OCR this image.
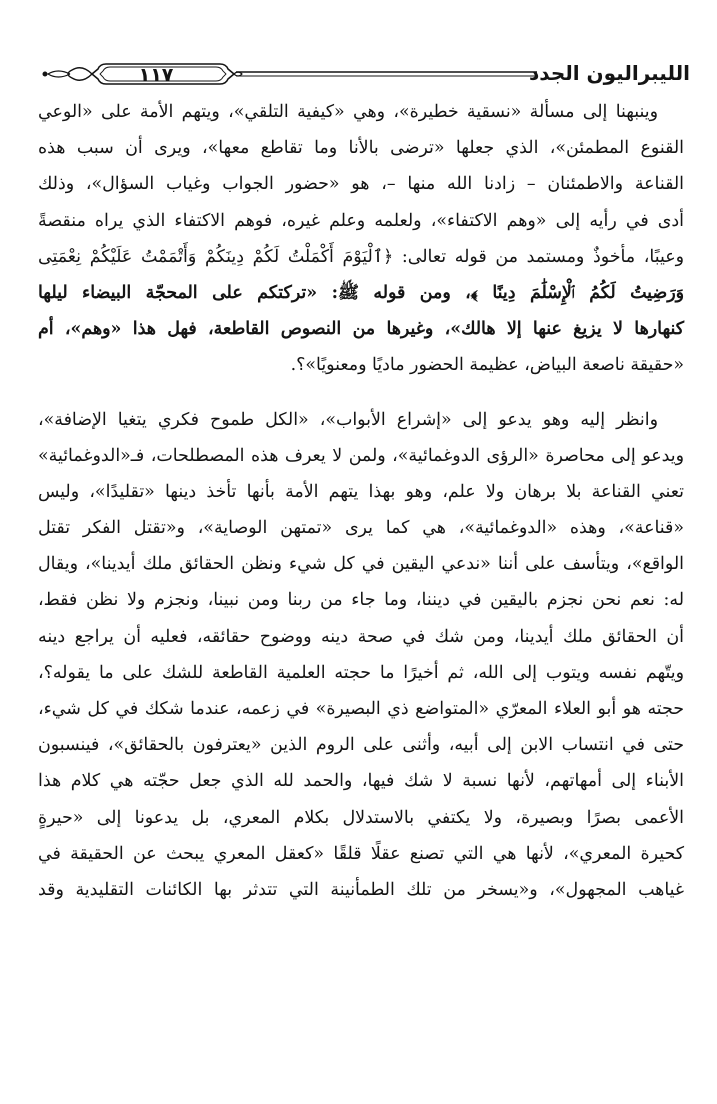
الليبراليون الجدد
١١٧
وينبهنا إلى مسألة «نسقية خطيرة»، وهي «كيفية التلقي»، ويتهم الأمة على «الوعي
القنوع المطمئن»، الذي جعلها «ترضى بالأنا وما تقاطع معها»، ويرى أن سبب هذه
القناعة والاطمئنان – زادنا الله منها –، هو «حضور الجواب وغياب السؤال»، وذلك
أدى في رأيه إلى «وهم الاكتفاء»، ولعلمه وعلم غيره، فوهم الاكتفاء الذي يراه منقصةً
وعيبًا، مأخوذٌ ومستمد من قوله تعالى: ﴿ٱلْيَوْمَ أَكْمَلْتُ لَكُمْ دِينَكُمْ وَأَتْمَمْتُ عَلَيْكُمْ نِعْمَتِى
وَرَضِيتُ لَكُمُ ٱلْإِسْلَٰمَ دِينًا ﴾، ومن قوله ﷺ: «تركتكم على المحجّة البيضاء ليلها
كنهارها لا يزيغ عنها إلا هالك»، وغيرها من النصوص القاطعة، فهل هذا «وهم»، أم
«حقيقة ناصعة البياض، عظيمة الحضور ماديًا ومعنويًا»؟.
وانظر إليه وهو يدعو إلى «إشراع الأبواب»، «الكل طموح فكري يتغيا الإضافة»،
ويدعو إلى محاصرة «الرؤى الدوغمائية»، ولمن لا يعرف هذه المصطلحات، فـ«الدوغمائية»
تعني القناعة بلا برهان ولا علم، وهو بهذا يتهم الأمة بأنها تأخذ دينها «تقليدًا»، وليس
«قناعة»، وهذه «الدوغمائية»، هي كما يرى «تمتهن الوصاية»، و«تقتل الفكر تقتل
الواقع»، ويتأسف على أننا «ندعي اليقين في كل شيء ونظن الحقائق ملك أيدينا»، ويقال
له: نعم نحن نجزم باليقين في ديننا، وما جاء من ربنا ومن نبينا، ونجزم ولا نظن فقط،
أن الحقائق ملك أيدينا، ومن شك في صحة دينه ووضوح حقائقه، فعليه أن يراجع دينه
ويتّهم نفسه ويتوب إلى الله، ثم أخيرًا ما حجته العلمية القاطعة للشك على ما يقوله؟،
حجته هو أبو العلاء المعرّي «المتواضع ذي البصيرة» في زعمه، عندما شكك في كل شيء،
حتى في انتساب الابن إلى أبيه، وأثنى على الروم الذين «يعترفون بالحقائق»، فينسبون
الأبناء إلى أمهاتهم، لأنها نسبة لا شك فيها، والحمد لله الذي جعل حجّته هي كلام هذا
الأعمى بصرًا وبصيرة، ولا يكتفي بالاستدلال بكلام المعري، بل يدعونا إلى «حيرةٍ
كحيرة المعري»، لأنها هي التي تصنع عقلًا قلقًا «كعقل المعري يبحث عن الحقيقة في
غياهب المجهول»، و«يسخر من تلك الطمأنينة التي تتدثر بها الكائنات التقليدية وقد
